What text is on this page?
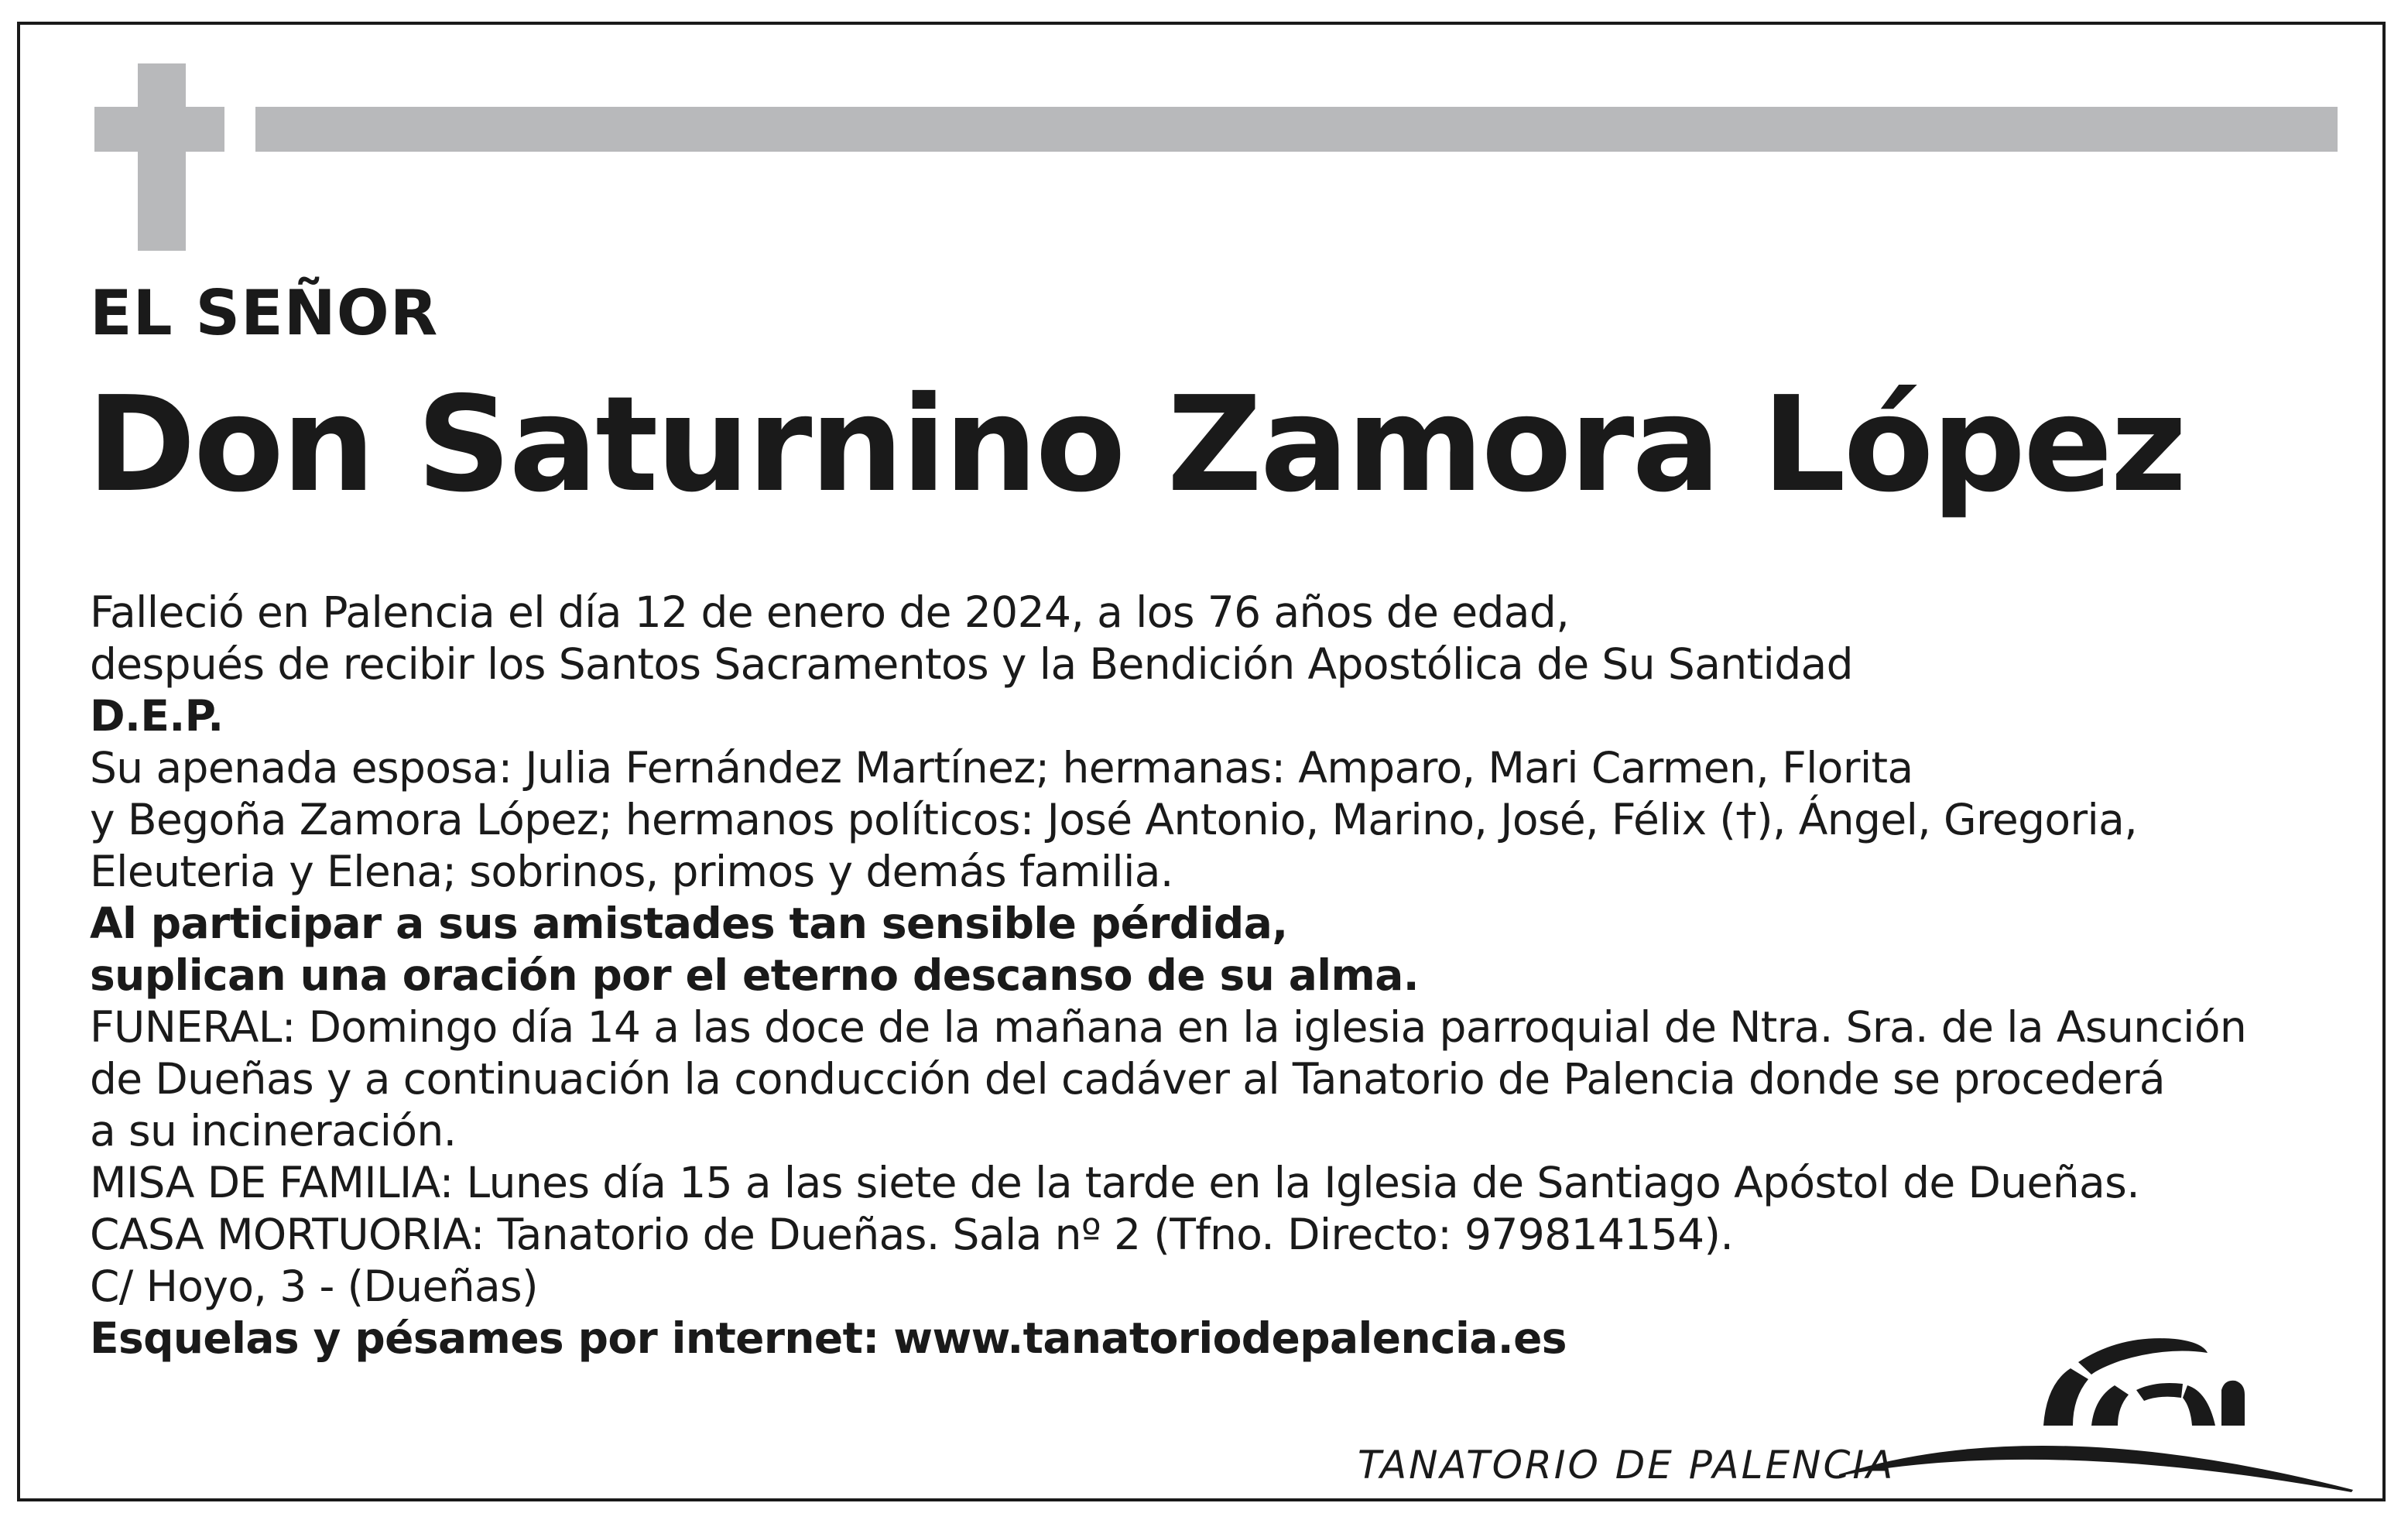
EL SEÑOR
Don Saturnino Zamora López
Falleció en Palencia el día 12 de enero de 2024, a los 76 años de edad,
después de recibir los Santos Sacramentos y la Bendición Apostólica de Su Santidad
D.E.P.
Su apenada esposa: Julia Fernández Martínez; hermanas: Amparo, Mari Carmen, Florita
y Begoña Zamora López; hermanos políticos: José Antonio, Marino, José, Félix (†), Ángel, Gregoria,
Eleuteria y Elena; sobrinos, primos y demás familia.
Al participar a sus amistades tan sensible pérdida,
suplican una oración por el eterno descanso de su alma.
FUNERAL: Domingo día 14 a las doce de la mañana en la iglesia parroquial de Ntra. Sra. de la Asunción
de Dueñas y a continuación la conducción del cadáver al Tanatorio de Palencia donde se procederá
a su incineración.
MISA DE FAMILIA: Lunes día 15 a las siete de la tarde en la Iglesia de Santiago Apóstol de Dueñas.
CASA MORTUORIA: Tanatorio de Dueñas. Sala nº 2 (Tfno. Directo: 979814154).
C/ Hoyo, 3 - (Dueñas)
Esquelas y pésames por internet: www.tanatoriodepalencia.es
TANATORIO DE PALENCIA
